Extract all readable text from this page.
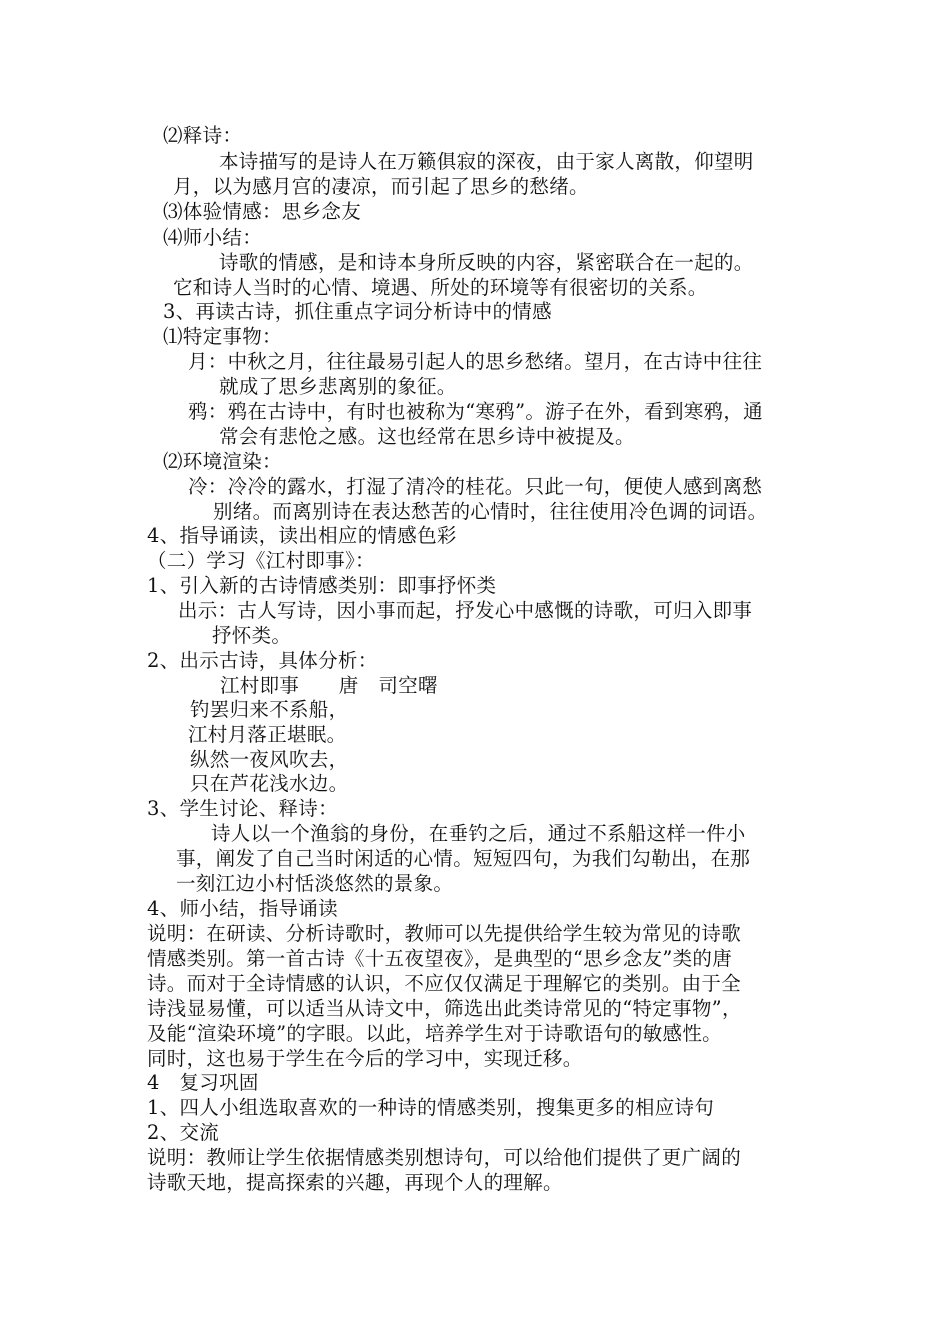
⑵释诗：
本诗描写的是诗人在万籁俱寂的深夜，由于家人离散，仰望明
月，以为感月宫的凄凉，而引起了思乡的愁绪。
⑶体验情感：思乡念友
⑷师小结：
诗歌的情感，是和诗本身所反映的内容，紧密联合在一起的。
它和诗人当时的心情、境遇、所处的环境等有很密切的关系。
3、再读古诗，抓住重点字词分析诗中的情感
⑴特定事物：
月：中秋之月，往往最易引起人的思乡愁绪。望月，在古诗中往往
就成了思乡悲离别的象征。
鸦：鸦在古诗中，有时也被称为“寒鸦”。游子在外，看到寒鸦，通
常会有悲怆之感。这也经常在思乡诗中被提及。
⑵环境渲染：
冷：冷冷的露水，打湿了清冷的桂花。只此一句，便使人感到离愁
别绪。而离别诗在表达愁苦的心情时，往往使用冷色调的词语。
4、指导诵读，读出相应的情感色彩
（二）学习《江村即事》：
1、引入新的古诗情感类别：即事抒怀类
出示：古人写诗，因小事而起，抒发心中感慨的诗歌，可归入即事
抒怀类。
2、出示古诗，具体分析：
江村即事　　唐　司空曙
钓罢归来不系船，
江村月落正堪眠。
纵然一夜风吹去，
只在芦花浅水边。
3、学生讨论、释诗：
诗人以一个渔翁的身份，在垂钓之后，通过不系船这样一件小
事，阐发了自己当时闲适的心情。短短四句，为我们勾勒出，在那
一刻江边小村恬淡悠然的景象。
4、师小结，指导诵读
说明：在研读、分析诗歌时，教师可以先提供给学生较为常见的诗歌
情感类别。第一首古诗《十五夜望夜》，是典型的“思乡念友”类的唐
诗。而对于全诗情感的认识，不应仅仅满足于理解它的类别。由于全
诗浅显易懂，可以适当从诗文中，筛选出此类诗常见的“特定事物”，
及能“渲染环境”的字眼。以此，培养学生对于诗歌语句的敏感性。
同时，这也易于学生在今后的学习中，实现迁移。
4　复习巩固
1、四人小组选取喜欢的一种诗的情感类别，搜集更多的相应诗句
2、交流
说明：教师让学生依据情感类别想诗句，可以给他们提供了更广阔的
诗歌天地，提高探索的兴趣，再现个人的理解。
